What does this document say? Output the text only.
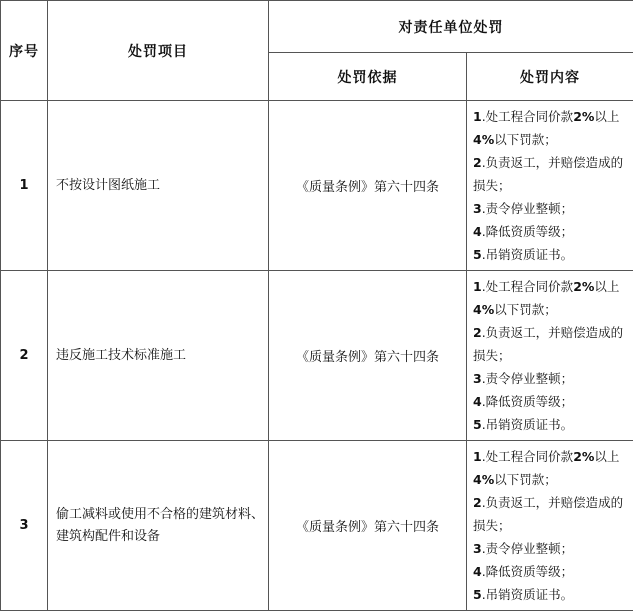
序号	处罚项目	对责任单位处罚	
		处罚依据	处罚内容
1	不按设计图纸施工	《质量条例》第六十四条	1.处工程合同价款2%以上4%以下罚款；
2.负责返工，并赔偿造成的损失；
3.责令停业整顿；
4.降低资质等级；
5.吊销资质证书。

2	违反施工技术标准施工	《质量条例》第六十四条	1.处工程合同价款2%以上4%以下罚款；
2.负责返工，并赔偿造成的损失；
3.责令停业整顿；
4.降低资质等级；
5.吊销资质证书。

3	偷工减料或使用不合格的建筑材料、建筑构配件和设备	《质量条例》第六十四条	1.处工程合同价款2%以上4%以下罚款；
2.负责返工，并赔偿造成的损失；
3.责令停业整顿；
4.降低资质等级；
5.吊销资质证书。
